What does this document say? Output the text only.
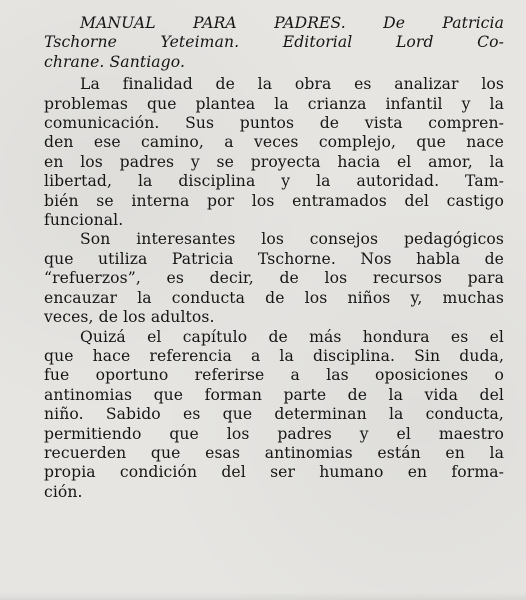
MANUAL PARA PADRES. De Patricia
Tschorne Yeteiman. Editorial Lord Co-
chrane. Santiago.
La finalidad de la obra es analizar los
problemas que plantea la crianza infantil y la
comunicación. Sus puntos de vista compren-
den ese camino, a veces complejo, que nace
en los padres y se proyecta hacia el amor, la
libertad, la disciplina y la autoridad. Tam-
bién se interna por los entramados del castigo
funcional.
Son interesantes los consejos pedagógicos
que utiliza Patricia Tschorne. Nos habla de
“refuerzos”, es decir, de los recursos para
encauzar la conducta de los niños y, muchas
veces, de los adultos.
Quizá el capítulo de más hondura es el
que hace referencia a la disciplina. Sin duda,
fue oportuno referirse a las oposiciones o
antinomias que forman parte de la vida del
niño. Sabido es que determinan la conducta,
permitiendo que los padres y el maestro
recuerden que esas antinomias están en la
propia condición del ser humano en forma-
ción.
